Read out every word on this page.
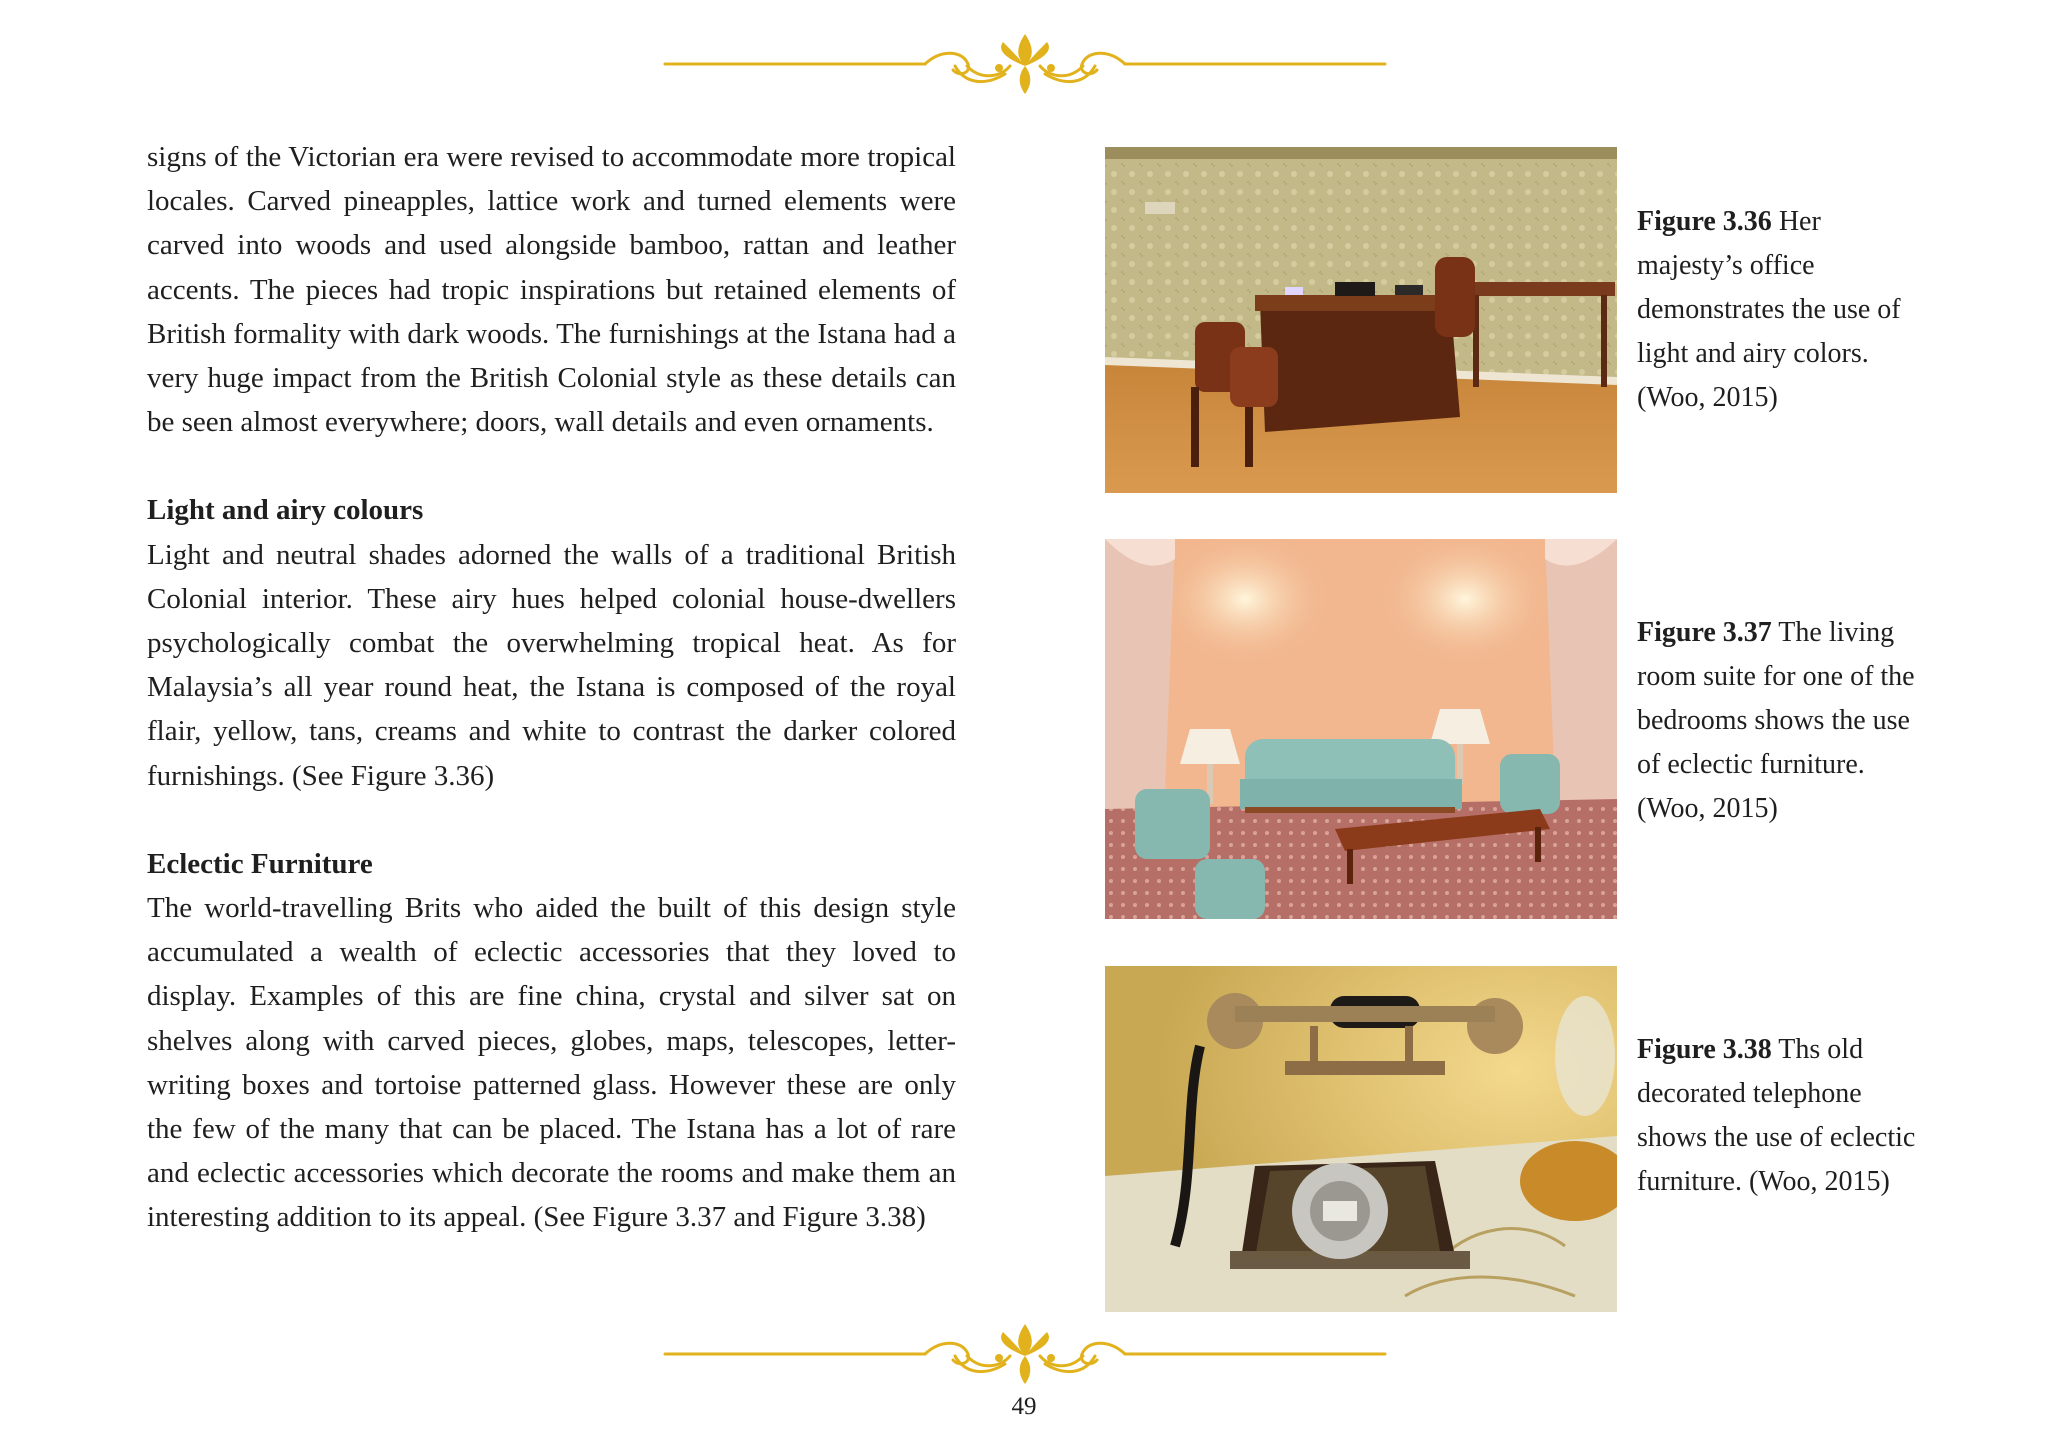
signs of the Victorian era were revised to accommodate more tropical locales. Carved pineapples, lattice work and turned elements were carved into woods and used alongside bamboo, rattan and leather accents. The pieces had tropic inspirations but retained elements of British formality with dark woods. The furnishings at the Istana had a very huge impact from the British Colonial style as these details can be seen almost everywhere; doors, wall details and even ornaments.

Light and airy colours

Light and neutral shades adorned the walls of a traditional British Colonial interior. These airy hues helped colonial house-dwellers psychologically combat the overwhelming tropical heat. As for Malaysia’s all year round heat, the Istana is composed of the royal flair, yellow, tans, creams and white to contrast the darker colored furnishings. (See Figure 3.36)

Eclectic Furniture

The world-travelling Brits who aided the built of this design style accumulated a wealth of eclectic accessories that they loved to display. Examples of this are fine china, crystal and silver sat on shelves along with carved pieces, globes, maps, telescopes, letter-writing boxes and tortoise patterned glass. However these are only the few of the many that can be placed. The Istana has a lot of rare and eclectic accessories which decorate the rooms and make them an interesting addition to its appeal. (See Figure 3.37 and Figure 3.38)

Figure 3.36 Her majesty’s office demonstrates the use of light and airy colors. (Woo, 2015)
Figure 3.37 The living room suite for one of the bedrooms shows the use of eclectic furniture. (Woo, 2015)
Figure 3.38 Ths old decorated telephone shows the use of eclectic furniture. (Woo, 2015)
49
